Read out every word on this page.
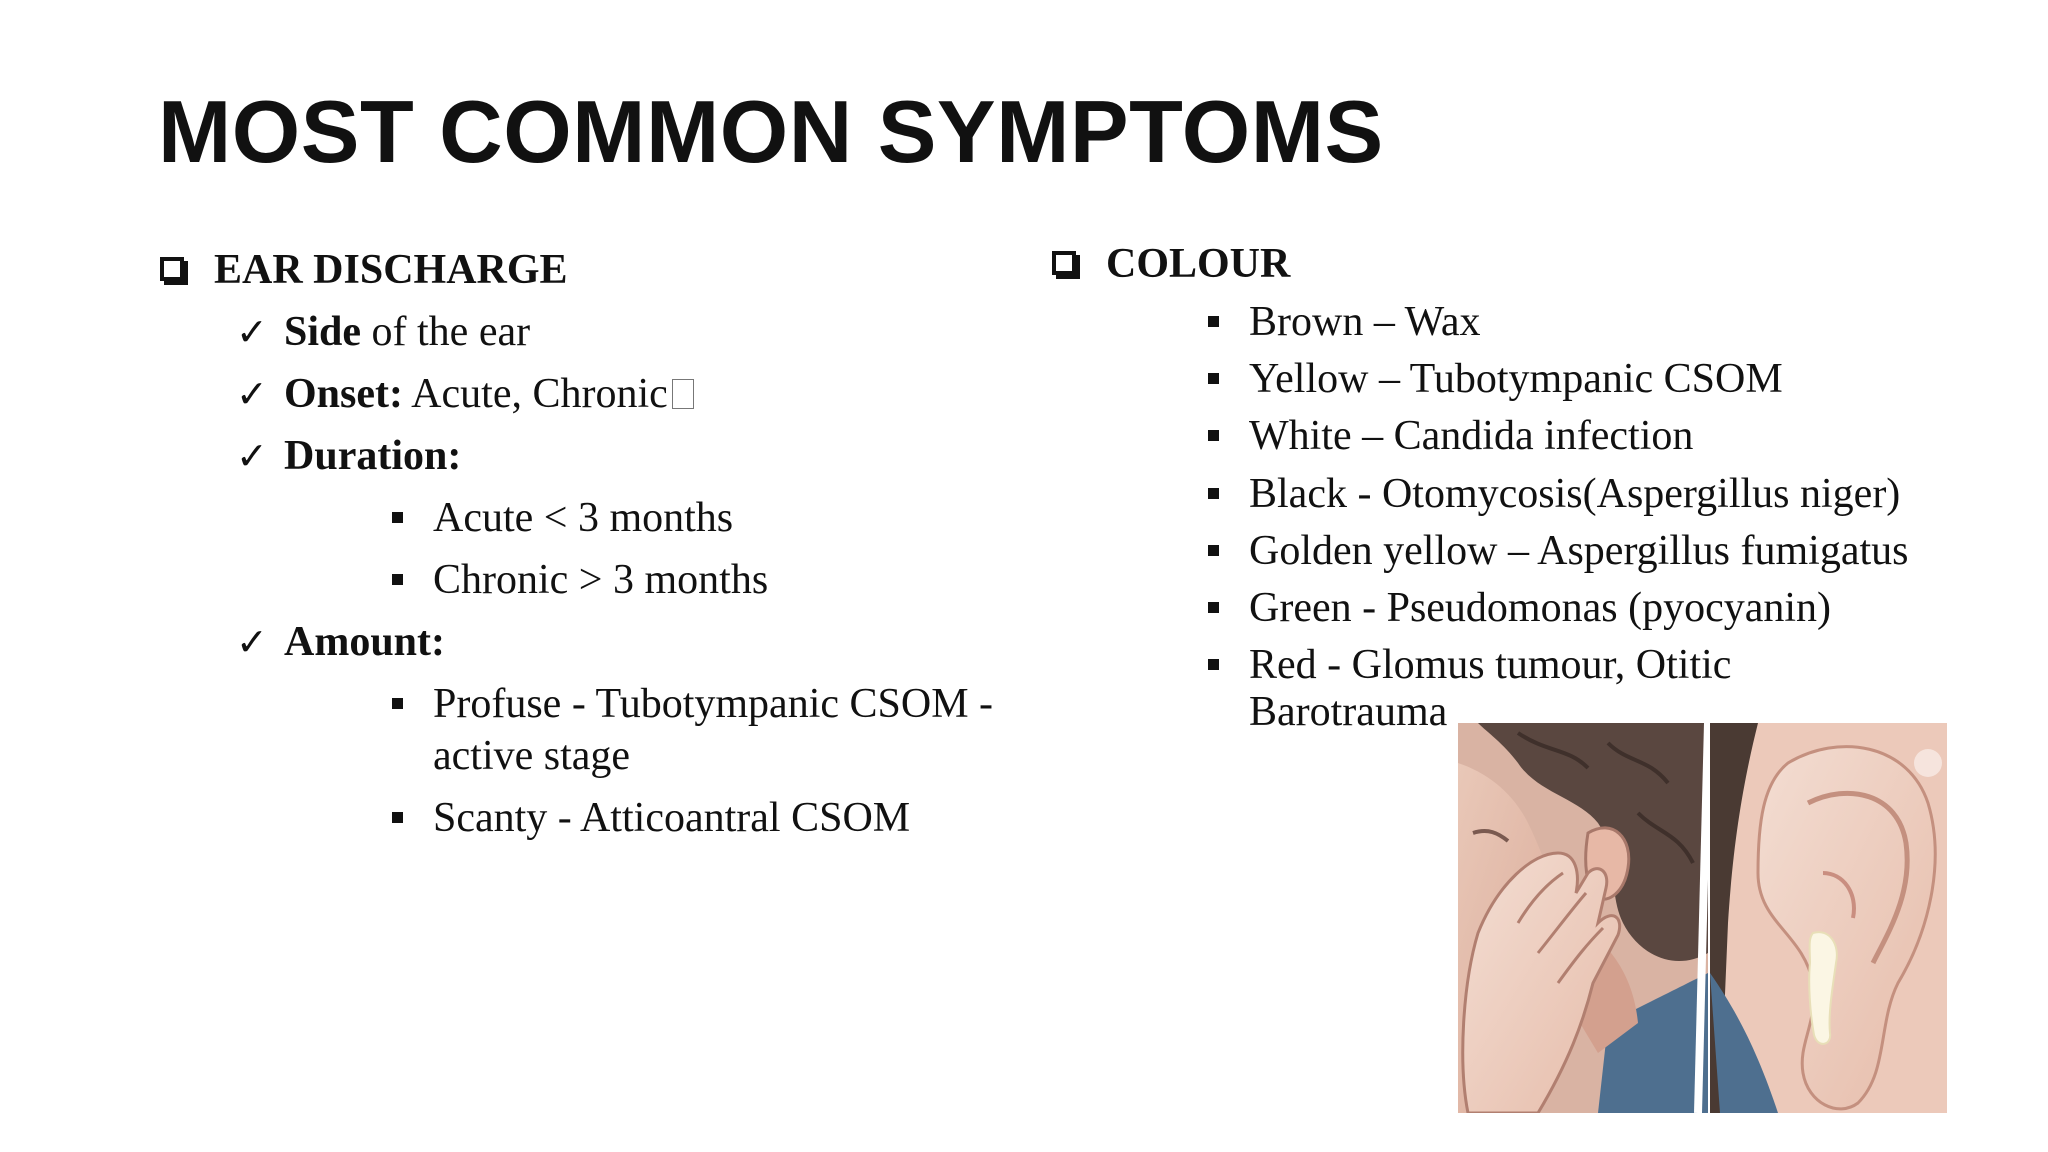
MOST COMMON SYMPTOMS
EAR DISCHARGE
✓ Side of the ear
✓ Onset: Acute, Chronic
✓ Duration:
Acute < 3 months
Chronic > 3 months
✓ Amount:
Profuse - Tubotympanic CSOM -
active stage
Scanty - Atticoantral CSOM
COLOUR
Brown – Wax
Yellow – Tubotympanic CSOM
White – Candida infection
Black - Otomycosis(Aspergillus niger)
Golden yellow – Aspergillus fumigatus
Green - Pseudomonas (pyocyanin)
Red - Glomus tumour, Otitic
Barotrauma
